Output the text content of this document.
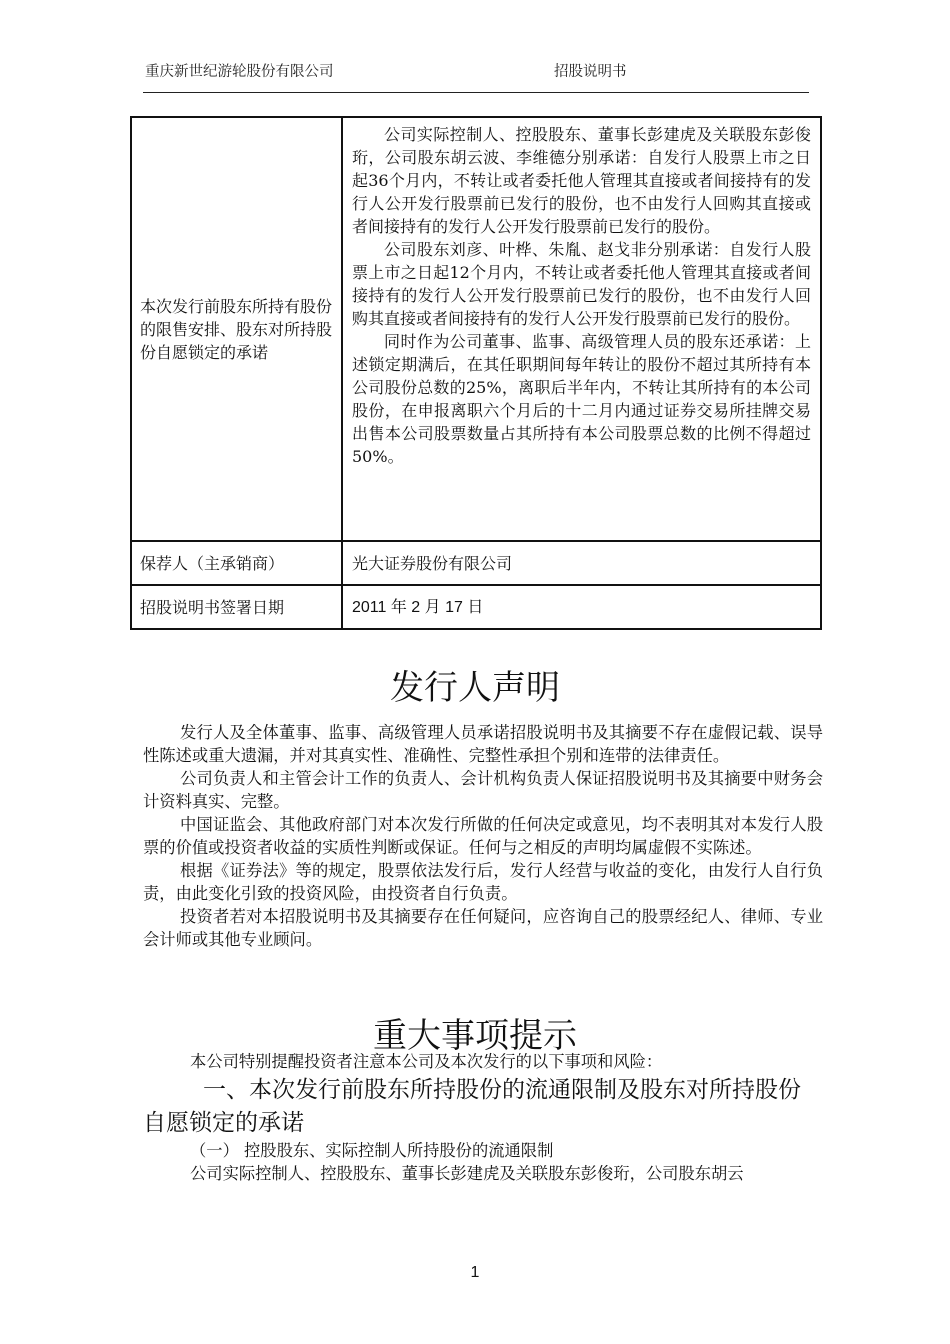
重庆新世纪游轮股份有限公司	招股说明书
本次发行前股东所持有股份的限售安排、股东对所持股份自愿锁定的承诺	公司实际控制人、控股股东、董事长彭建虎及关联股东彭俊珩，公司股东胡云波、李维德分别承诺：自发行人股票上市之日起36个月内，不转让或者委托他人管理其直接或者间接持有的发行人公开发行股票前已发行的股份，也不由发行人回购其直接或者间接持有的发行人公开发行股票前已发行的股份。

公司股东刘彦、叶桦、朱胤、赵戈非分别承诺：自发行人股票上市之日起12个月内，不转让或者委托他人管理其直接或者间接持有的发行人公开发行股票前已发行的股份，也不由发行人回购其直接或者间接持有的发行人公开发行股票前已发行的股份。

同时作为公司董事、监事、高级管理人员的股东还承诺：上述锁定期满后，在其任职期间每年转让的股份不超过其所持有本公司股份总数的25%，离职后半年内，不转让其所持有的本公司股份，在申报离职六个月后的十二月内通过证券交易所挂牌交易出售本公司股票数量占其所持有本公司股票总数的比例不得超过50%。

保荐人（主承销商）	光大证券股份有限公司
招股说明书签署日期	2011 年 2 月 17 日
发行人声明

发行人及全体董事、监事、高级管理人员承诺招股说明书及其摘要不存在虚假记载、误导性陈述或重大遗漏，并对其真实性、准确性、完整性承担个别和连带的法律责任。

公司负责人和主管会计工作的负责人、会计机构负责人保证招股说明书及其摘要中财务会计资料真实、完整。

中国证监会、其他政府部门对本次发行所做的任何决定或意见，均不表明其对本发行人股票的价值或投资者收益的实质性判断或保证。任何与之相反的声明均属虚假不实陈述。

根据《证券法》等的规定，股票依法发行后，发行人经营与收益的变化，由发行人自行负责，由此变化引致的投资风险，由投资者自行负责。

投资者若对本招股说明书及其摘要存在任何疑问，应咨询自己的股票经纪人、律师、专业会计师或其他专业顾问。

重大事项提示
本公司特别提醒投资者注意本公司及本次发行的以下事项和风险：

一、本次发行前股东所持股份的流通限制及股东对所持股份自愿锁定的承诺

（一） 控股股东、实际控制人所持股份的流通限制

公司实际控制人、控股股东、董事长彭建虎及关联股东彭俊珩，公司股东胡云

1
